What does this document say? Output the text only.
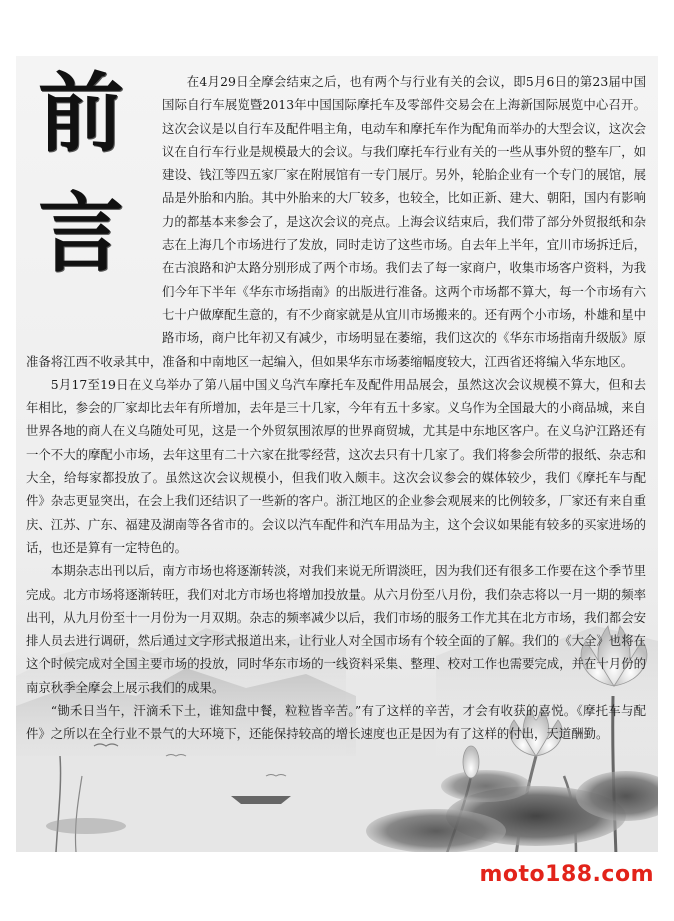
前
言

在4月29日全摩会结束之后，也有两个与行业有关的会议，即5月6日的第23届中国国际自行车展览暨2013年中国国际摩托车及零部件交易会在上海新国际展览中心召开。这次会议是以自行车及配件唱主角，电动车和摩托车作为配角而举办的大型会议，这次会议在自行车行业是规模最大的会议。与我们摩托车行业有关的一些从事外贸的整车厂，如建设、钱江等四五家厂家在附展馆有一专门展厅。另外，轮胎企业有一个专门的展馆，展品是外胎和内胎。其中外胎来的大厂较多，也较全，比如正新、建大、朝阳，国内有影响力的都基本来参会了，是这次会议的亮点。上海会议结束后，我们带了部分外贸报纸和杂志在上海几个市场进行了发放，同时走访了这些市场。自去年上半年，宜川市场拆迁后，在古浪路和沪太路分别形成了两个市场。我们去了每一家商户，收集市场客户资料，为我们今年下半年《华东市场指南》的出版进行准备。这两个市场都不算大，每一个市场有六七十户做摩配生意的，有不少商家就是从宜川市场搬来的。还有两个小市场，朴雄和星中路市场，商户比年初又有减少，市场明显在萎缩，我们这次的《华东市场指南升级版》原准备将江西不收录其中，准备和中南地区一起编入，但如果华东市场萎缩幅度较大，江西省还将编入华东地区。

5月17至19日在义乌举办了第八届中国义乌汽车摩托车及配件用品展会，虽然这次会议规模不算大，但和去年相比，参会的厂家却比去年有所增加，去年是三十几家，今年有五十多家。义乌作为全国最大的小商品城，来自世界各地的商人在义乌随处可见，这是一个外贸氛围浓厚的世界商贸城，尤其是中东地区客户。在义乌沪江路还有一个不大的摩配小市场，去年这里有二十六家在批零经营，这次去只有十几家了。我们将参会所带的报纸、杂志和大全，给每家都投放了。虽然这次会议规模小，但我们收入颇丰。这次会议参会的媒体较少，我们《摩托车与配件》杂志更显突出，在会上我们还结识了一些新的客户。浙江地区的企业参会观展来的比例较多，厂家还有来自重庆、江苏、广东、福建及湖南等各省市的。会议以汽车配件和汽车用品为主，这个会议如果能有较多的买家进场的话，也还是算有一定特色的。

本期杂志出刊以后，南方市场也将逐渐转淡，对我们来说无所谓淡旺，因为我们还有很多工作要在这个季节里完成。北方市场将逐渐转旺，我们对北方市场也将增加投放量。从六月份至八月份，我们杂志将以一月一期的频率出刊，从九月份至十一月份为一月双期。杂志的频率减少以后，我们市场的服务工作尤其在北方市场，我们都会安排人员去进行调研，然后通过文字形式报道出来，让行业人对全国市场有个较全面的了解。我们的《大全》也将在这个时候完成对全国主要市场的投放，同时华东市场的一线资料采集、整理、校对工作也需要完成，并在十月份的南京秋季全摩会上展示我们的成果。

“锄禾日当午，汗滴禾下土，谁知盘中餐，粒粒皆辛苦。”有了这样的辛苦，才会有收获的喜悦。《摩托车与配件》之所以在全行业不景气的大环境下，还能保持较高的增长速度也正是因为有了这样的付出，天道酬勤。

moto188.com
